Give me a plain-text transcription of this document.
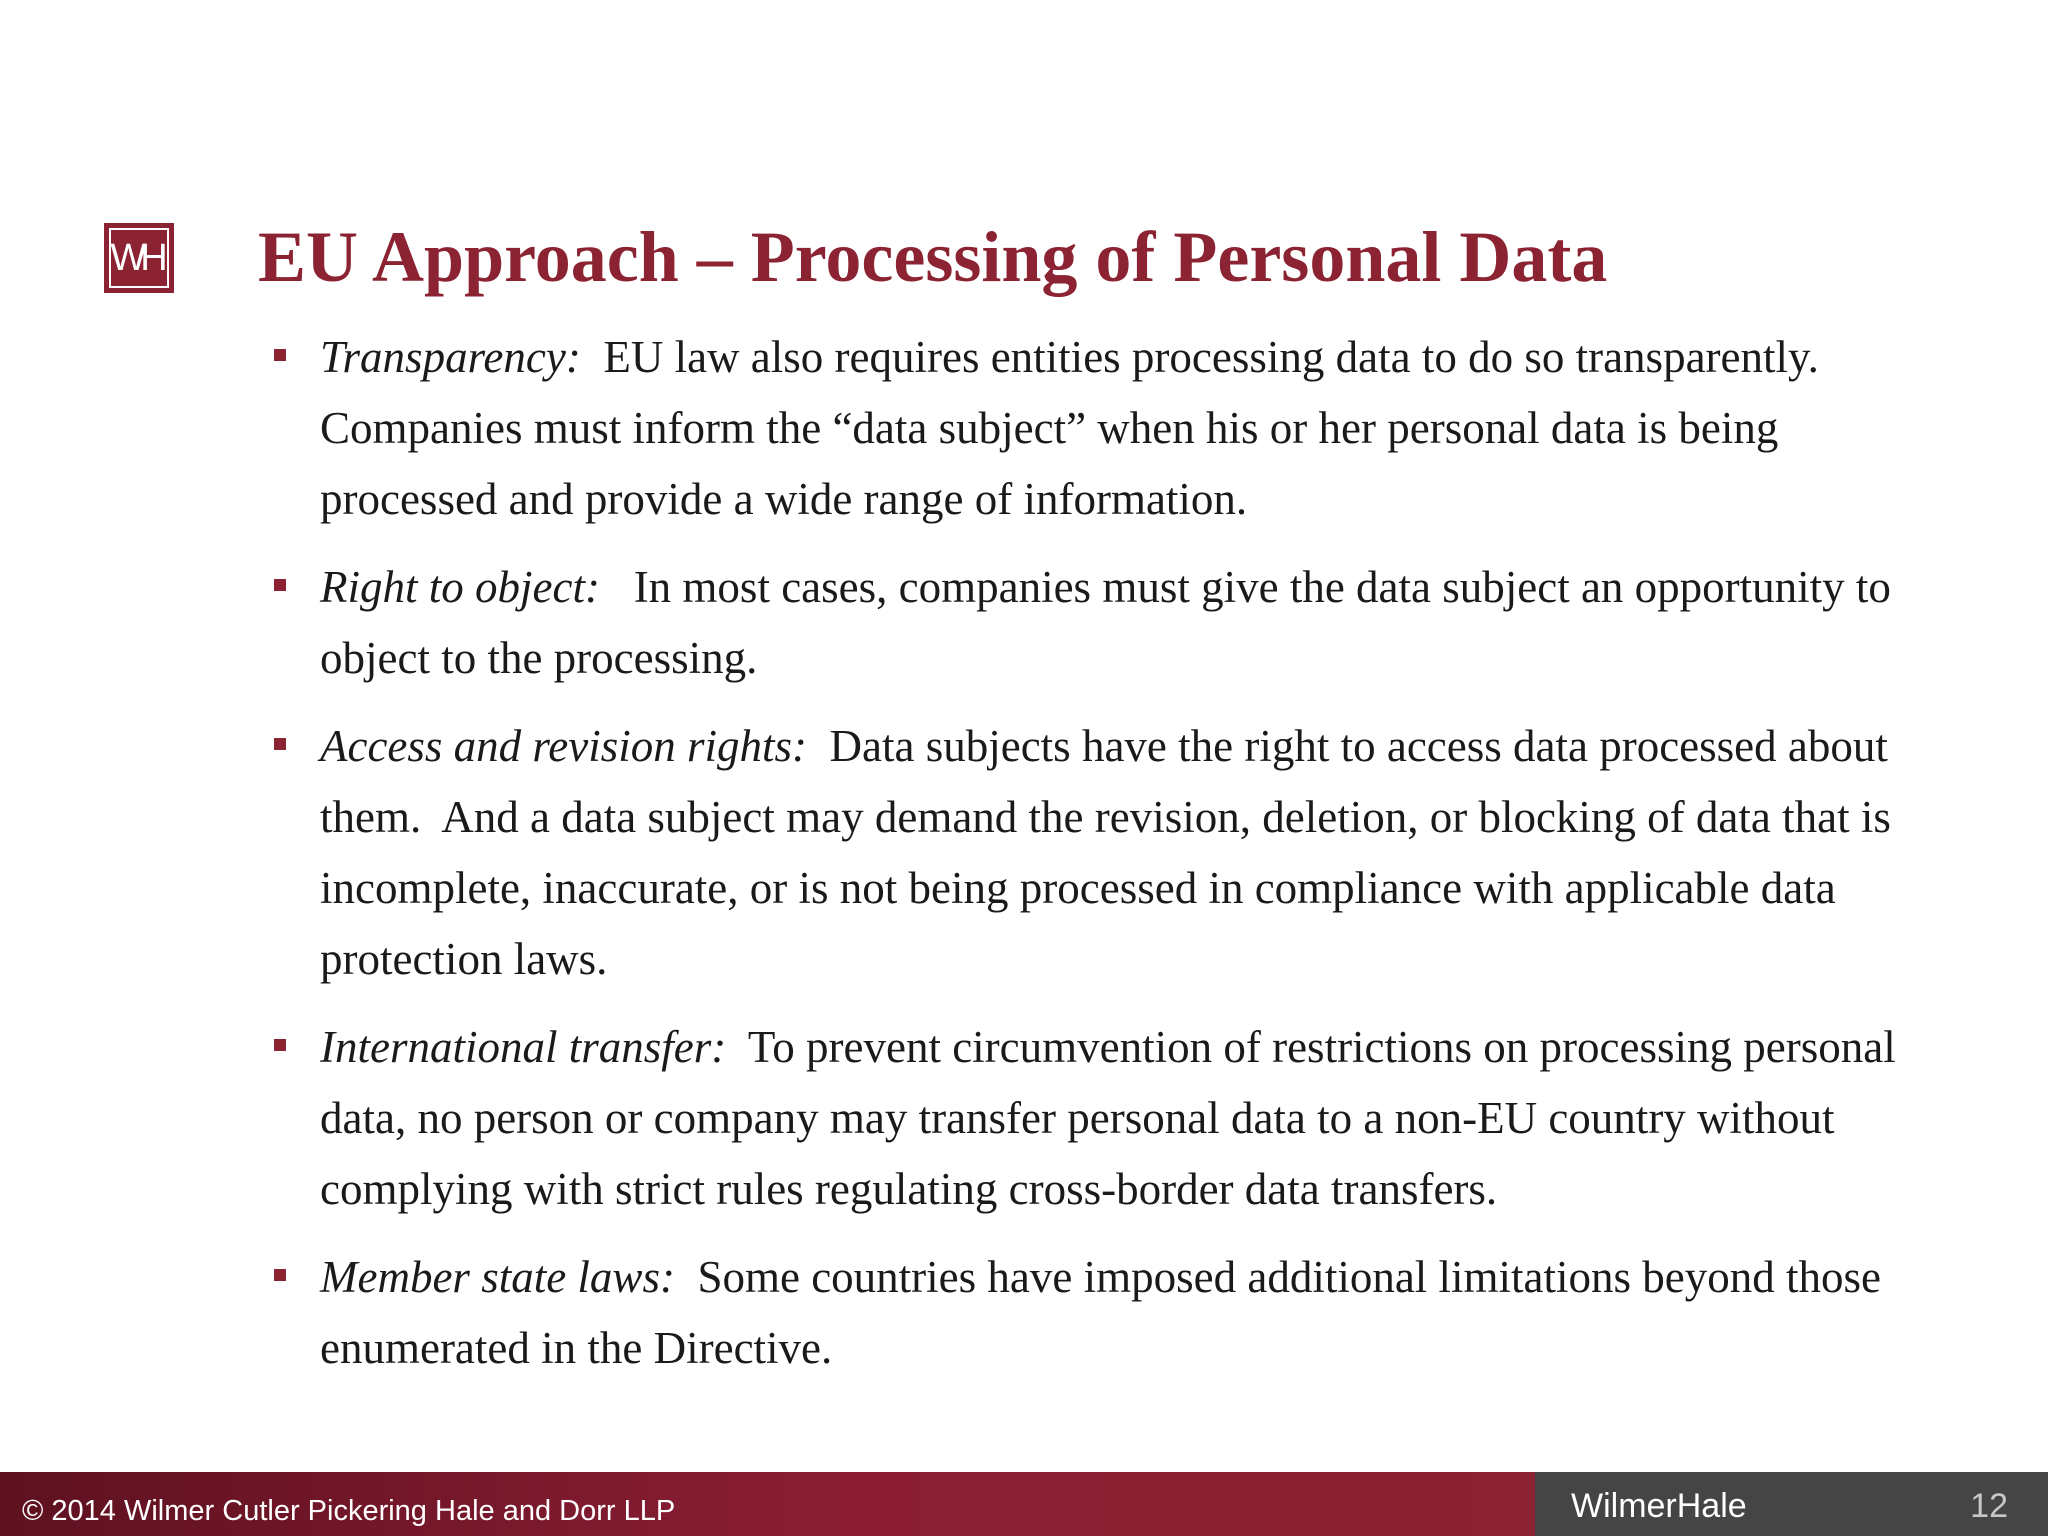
WH EU Approach – Processing of Personal Data
Transparency:  EU law also requires entities processing data to do so transparently.  Companies must inform the “data subject” when his or her personal data is being processed and provide a wide range of information.
Right to object:   In most cases, companies must give the data subject an opportunity to object to the processing.
Access and revision rights:  Data subjects have the right to access data processed about them.  And a data subject may demand the revision, deletion, or blocking of data that is incomplete, inaccurate, or is not being processed in compliance with applicable data protection laws.
International transfer:  To prevent circumvention of restrictions on processing personal data, no person or company may transfer personal data to a non-EU country without complying with strict rules regulating cross-border data transfers.
Member state laws:  Some countries have imposed additional limitations beyond those enumerated in the Directive.
© 2014 Wilmer Cutler Pickering Hale and Dorr LLP	WilmerHale	12
